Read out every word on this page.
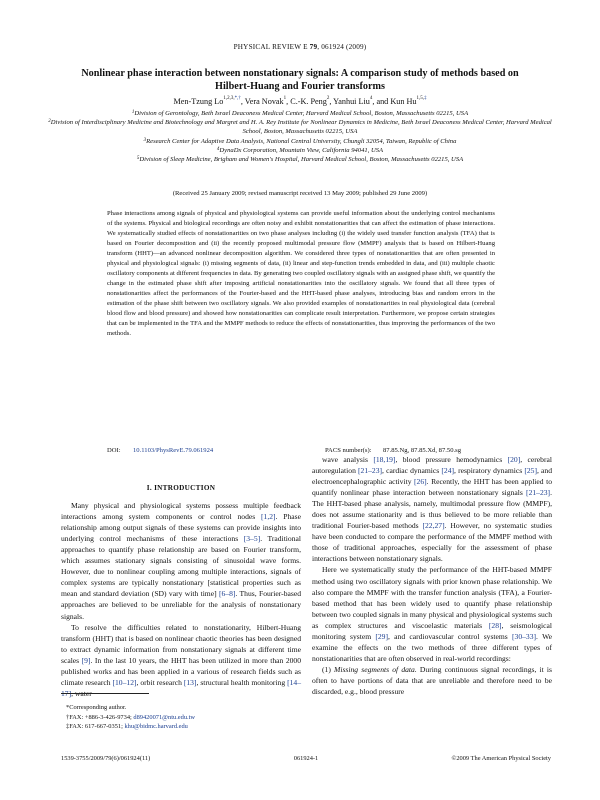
PHYSICAL REVIEW E 79, 061924 (2009)
Nonlinear phase interaction between nonstationary signals: A comparison study of methods based on Hilbert-Huang and Fourier transforms
Men-Tzung $Lo^{1,2,3,*,\dagger}$, Vera Novak$^1$, C.-K. Peng$^2$, Yanhui Liu$^4$, and Kun $Hu^{1,5,\ddagger}$
$^1$Division of Gerontology, Beth Israel Deaconess Medical Center, Harvard Medical School, Boston, Massachusetts 02215, USA
$^2$Division of Interdisciplinary Medicine and Biotechnology and Margret and H. A. Rey Institute for Nonlinear Dynamics in Medicine, Beth Israel Deaconess Medical Center, Harvard Medical School, Boston, Massachusetts 02215, USA
$^3$Research Center for Adaptive Data Analysis, National Central University, Chungli 32054, Taiwan, Republic of China
$^4$DynaDx Corporation, Mountain View, California 94041, USA
$^5$Division of Sleep Medicine, Brigham and Women's Hospital, Harvard Medical School, Boston, Massachusetts 02215, USA
(Received 25 January 2009; revised manuscript received 13 May 2009; published 29 June 2009)
Phase interactions among signals of physical and physiological systems can provide useful information about the underlying control mechanisms of the systems. Physical and biological recordings are often noisy and exhibit nonstationarities that can affect the estimation of phase interactions. We systematically studied effects of nonstationarities on two phase analyses including (i) the widely used transfer function analysis (TFA) that is based on Fourier decomposition and (ii) the recently proposed multimodal pressure flow (MMPF) analysis that is based on Hilbert-Huang transform (HHT)—an advanced nonlinear decomposition algorithm. We considered three types of nonstationarities that are often presented in physical and physiological signals: (i) missing segments of data, (ii) linear and step-function trends embedded in data, and (iii) multiple chaotic oscillatory components at different frequencies in data. By generating two coupled oscillatory signals with an assigned phase shift, we quantify the change in the estimated phase shift after imposing artificial nonstationarities into the oscillatory signals. We found that all three types of nonstationarities affect the performances of the Fourier-based and the HHT-based phase analyses, introducing bias and random errors in the estimation of the phase shift between two oscillatory signals. We also provided examples of nonstationarities in real physiological data (cerebral blood flow and blood pressure) and showed how nonstationarities can complicate result interpretation. Furthermore, we propose certain strategies that can be implemented in the TFA and the MMPF methods to reduce the effects of nonstationarities, thus improving the performances of the two methods.
DOI: 10.1103/PhysRevE.79.061924	PACS number(s): 87.85.Ng, 87.85.Xd, 87.50.sg
I. INTRODUCTION

Many physical and physiological systems possess multiple feedback interactions among system components or control nodes [1,2]. Phase relationship among output signals of these systems can provide insights into underlying control mechanisms of these interactions [3–5]. Traditional approaches to quantify phase relationship are based on Fourier transform, which assumes stationary signals consisting of sinusoidal wave forms. However, due to nonlinear coupling among multiple interactions, signals of complex systems are typically nonstationary [statistical properties such as mean and standard deviation (SD) vary with time] [6–8]. Thus, Fourier-based approaches are believed to be unreliable for the analysis of nonstationary signals.

To resolve the difficulties related to nonstationarity, Hilbert-Huang transform (HHT) that is based on nonlinear chaotic theories has been designed to extract dynamic information from nonstationary signals at different time scales [9]. In the last 10 years, the HHT has been utilized in more than 2000 published works and has been applied in a various of research fields such as climate research [10–12], orbit research [13], structural health monitoring [14–17], water

wave analysis [18,19], blood pressure hemodynamics [20], cerebral autoregulation [21–23], cardiac dynamics [24], respiratory dynamics [25], and electroencephalographic activity [26]. Recently, the HHT has been applied to quantify nonlinear phase interaction between nonstationary signals [21–23]. The HHT-based phase analysis, namely, multimodal pressure flow (MMPF), does not assume stationarity and is thus believed to be more reliable than traditional Fourier-based methods [22,27]. However, no systematic studies have been conducted to compare the performance of the MMPF method with those of traditional approaches, especially for the assessment of phase interactions between nonstationary signals.

Here we systematically study the performance of the HHT-based MMPF method using two oscillatory signals with prior known phase relationship. We also compare the MMPF with the transfer function analysis (TFA), a Fourier-based method that has been widely used to quantify phase relationship between two coupled signals in many physical and physiological systems such as complex structures and viscoelastic materials [28], seismological monitoring system [29], and cardiovascular control systems [30–33]. We examine the effects on the two methods of three different types of nonstationarities that are often observed in real-world recordings:

(1) Missing segments of data. During continuous signal recordings, it is often to have portions of data that are unreliable and therefore need to be discarded, e.g., blood pressure

*Corresponding author.
†FAX: +886-3-426-9734; d89420071@ntu.edu.tw
‡FAX: 617-667-0351; khu@bidmc.harvard.edu
1539-3755/2009/79(6)/061924(11)	061924-1	©2009 The American Physical Society
